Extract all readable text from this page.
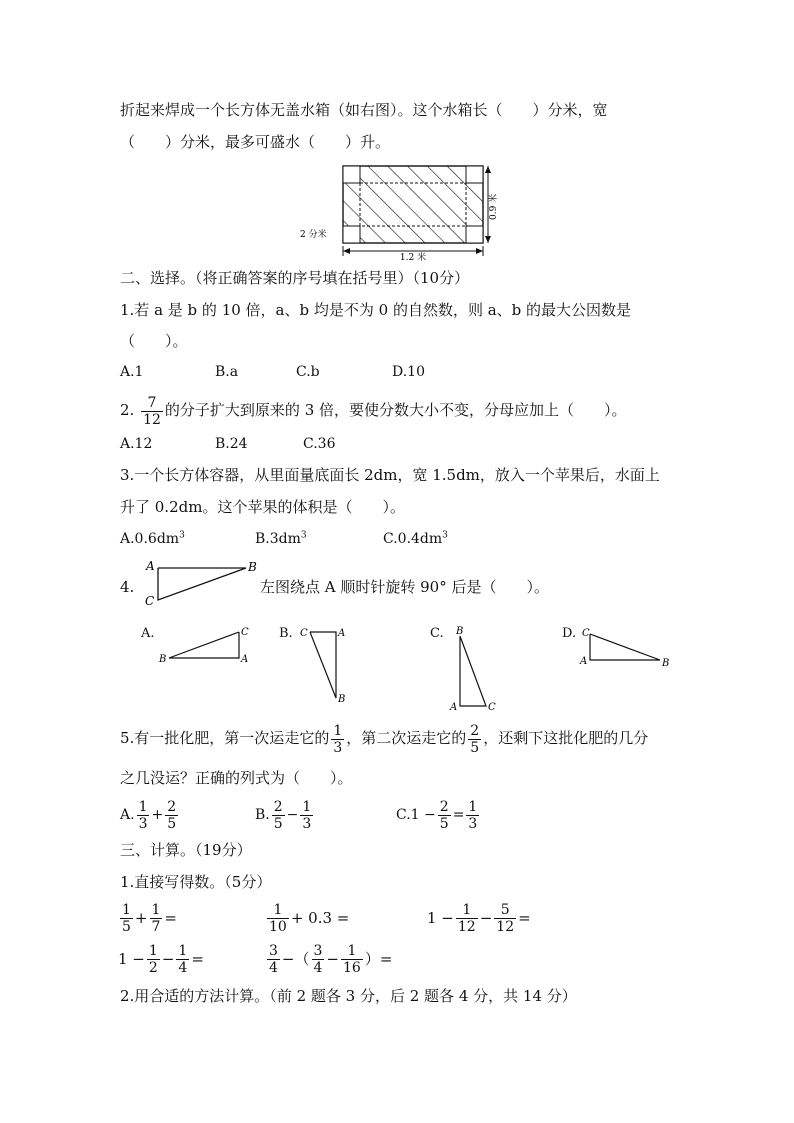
折起来焊成一个长方体无盖水箱（如右图）。这个水箱长（　　）分米，宽
（　　）分米，最多可盛水（　　）升。
1.2 米
2 分米
0.9 米
二、选择。（将正确答案的序号填在括号里）（10分）
1.若 a 是 b 的 10 倍，a、b 均是不为 0 的自然数，则 a、b 的最大公因数是
（　　）。
A.1	B.a	C.b	D.10
2. $\frac{7}{12}$ 的分子扩大到原来的 3 倍，要使分数大小不变，分母应加上（　　）。
A.12	B.24	C.36
3.一个长方体容器，从里面量底面长 2dm，宽 1.5dm，放入一个苹果后，水面上
升了 0.2dm。这个苹果的体积是（　　）。
$A.0.6dm^3$	$B.3dm^3$	$C.0.4dm^3$
4.
A	B
C
左图绕点 A 顺时针旋转 90° 后是（　　）。
A.	C
A
B
B. C	A
B
C. B
A	C
D. C
A	B
5.有一批化肥，第一次运走它的 $\frac{1}{3}$ ，第二次运走它的 $\frac{2}{5}$ ，还剩下这批化肥的几分
之几没运？正确的列式为（　　）。
A. $\frac{1}{3} + \frac{2}{5}$	B. $\frac{2}{5} - \frac{1}{3}$	$C.1 - \frac{2}{5} = \frac{1}{3}$
三、计算。（19分）
1.直接写得数。（5分）
$\frac{1}{5} + \frac{1}{7}$ =	$\frac{1}{10} + 0.3$ =	$1 - \frac{1}{12} - \frac{5}{12}$ =
$1 - \frac{1}{2} - \frac{1}{4}$ =	$\frac{3}{4}$ −（ $\frac{3}{4} - \frac{1}{16}$ ）=
2.用合适的方法计算。（前 2 题各 3 分，后 2 题各 4 分，共 14 分）
